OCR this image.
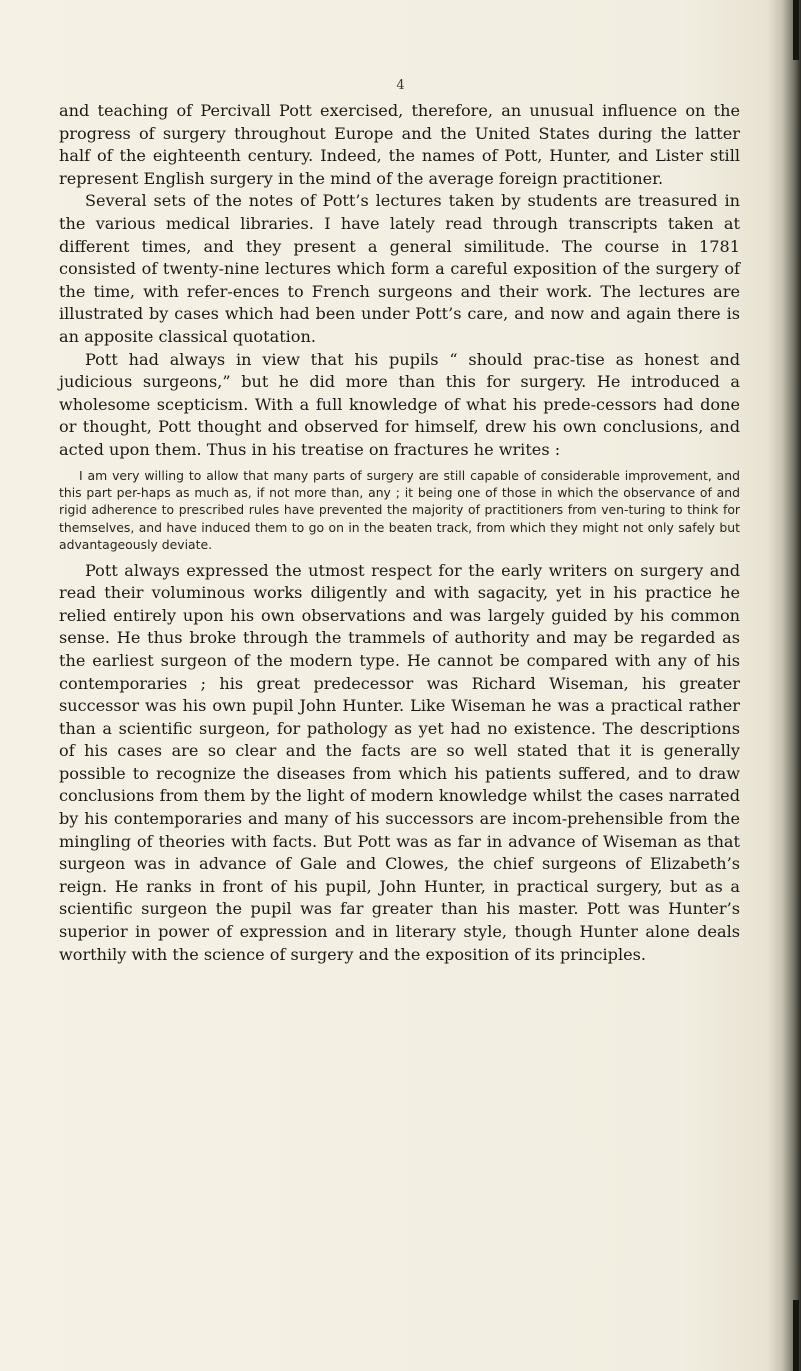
4

and teaching of Percivall Pott exercised, therefore, an unusual influence on the progress of surgery throughout Europe and the United States during the latter half of the eighteenth century. Indeed, the names of Pott, Hunter, and Lister still represent English surgery in the mind of the average foreign practitioner.

Several sets of the notes of Pott’s lectures taken by students are treasured in the various medical libraries. I have lately read through transcripts taken at different times, and they present a general similitude. The course in 1781 consisted of twenty-nine lectures which form a careful exposition of the surgery of the time, with refer-ences to French surgeons and their work. The lectures are illustrated by cases which had been under Pott’s care, and now and again there is an apposite classical quotation.

Pott had always in view that his pupils “ should prac-tise as honest and judicious surgeons,” but he did more than this for surgery. He introduced a wholesome scepticism. With a full knowledge of what his prede-cessors had done or thought, Pott thought and observed for himself, drew his own conclusions, and acted upon them. Thus in his treatise on fractures he writes :

I am very willing to allow that many parts of surgery are still capable of considerable improvement, and this part per-haps as much as, if not more than, any ; it being one of those in which the observance of and rigid adherence to prescribed rules have prevented the majority of practitioners from ven-turing to think for themselves, and have induced them to go on in the beaten track, from which they might not only safely but advantageously deviate.

Pott always expressed the utmost respect for the early writers on surgery and read their voluminous works diligently and with sagacity, yet in his practice he relied entirely upon his own observations and was largely guided by his common sense. He thus broke through the trammels of authority and may be regarded as the earliest surgeon of the modern type. He cannot be compared with any of his contemporaries ; his great predecessor was Richard Wiseman, his greater successor was his own pupil John Hunter. Like Wiseman he was a practical rather than a scientific surgeon, for pathology as yet had no existence. The descriptions of his cases are so clear and the facts are so well stated that it is generally possible to recognize the diseases from which his patients suffered, and to draw conclusions from them by the light of modern knowledge whilst the cases narrated by his contemporaries and many of his successors are incom-prehensible from the mingling of theories with facts. But Pott was as far in advance of Wiseman as that surgeon was in advance of Gale and Clowes, the chief surgeons of Elizabeth’s reign. He ranks in front of his pupil, John Hunter, in practical surgery, but as a scientific surgeon the pupil was far greater than his master. Pott was Hunter’s superior in power of expression and in literary style, though Hunter alone deals worthily with the science of surgery and the exposition of its principles.
